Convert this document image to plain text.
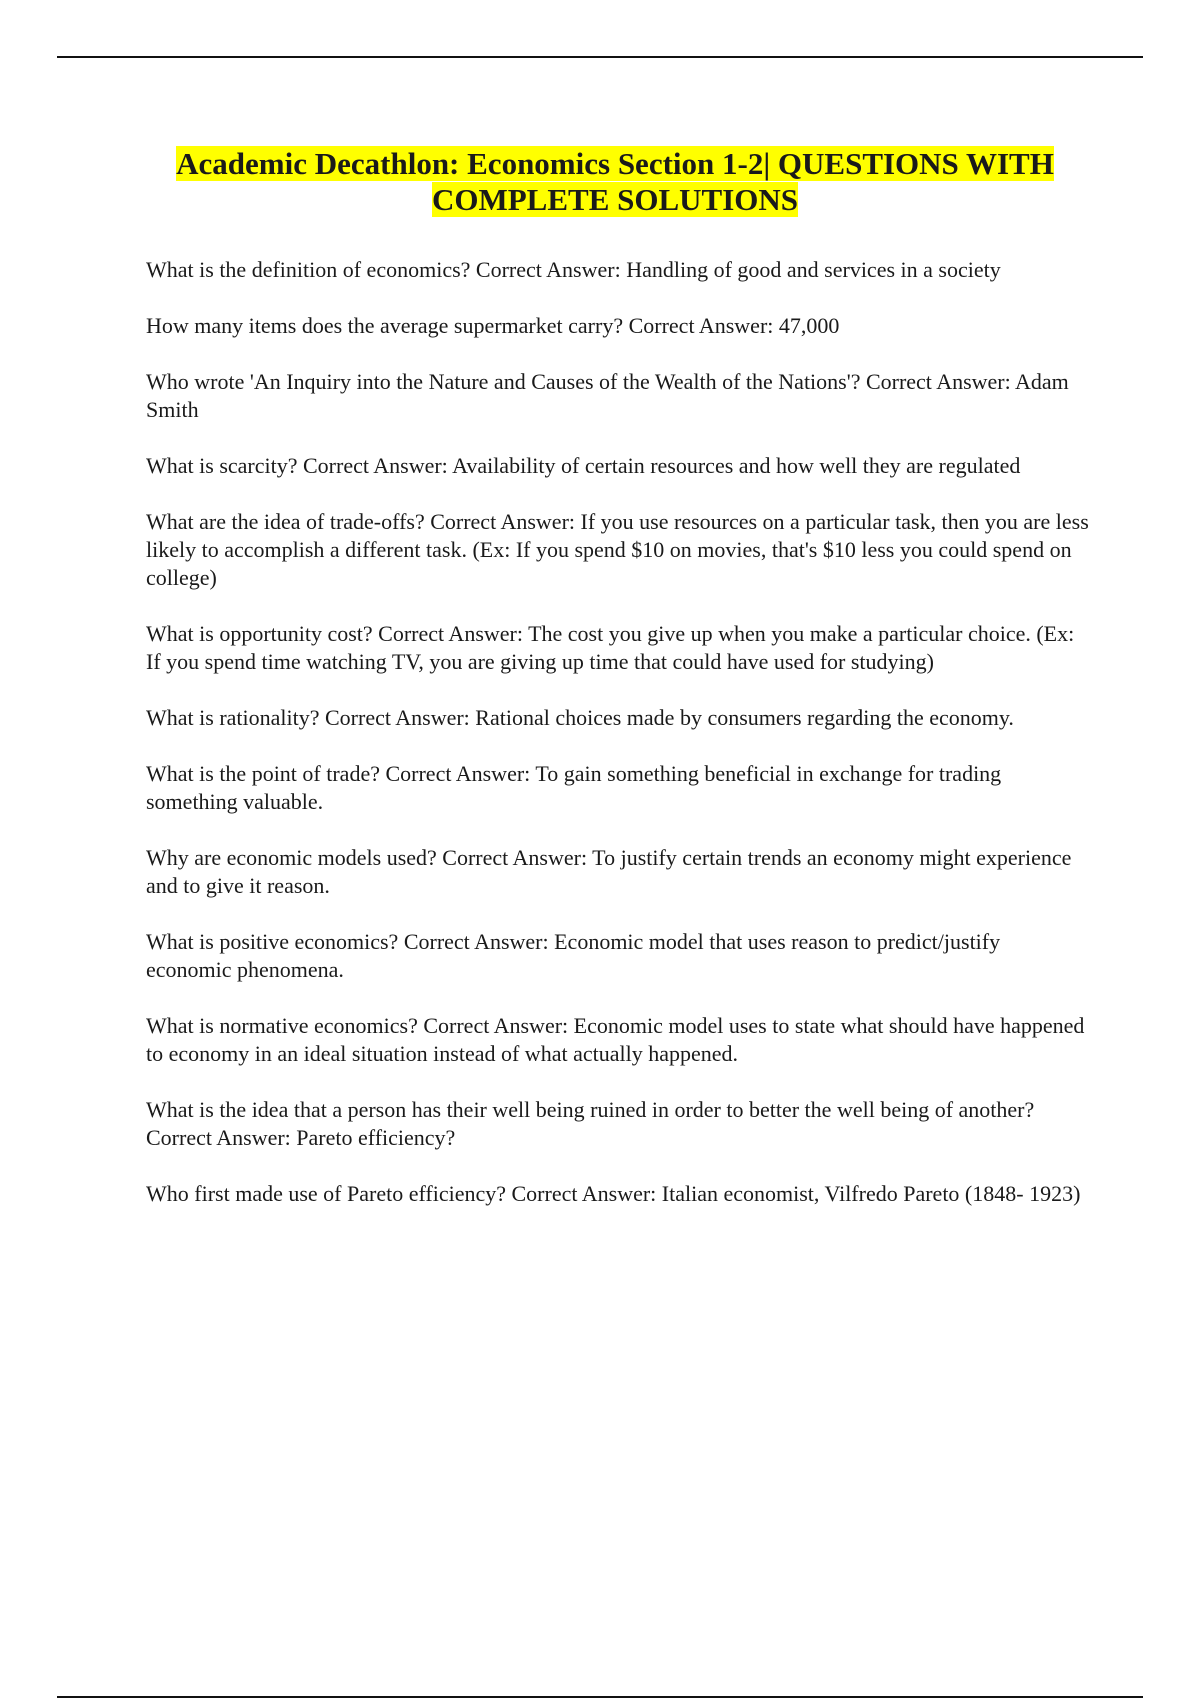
Academic Decathlon: Economics Section 1-2| QUESTIONS WITH COMPLETE SOLUTIONS

What is the definition of economics? Correct Answer: Handling of good and services in a society

How many items does the average supermarket carry? Correct Answer: 47,000

Who wrote 'An Inquiry into the Nature and Causes of the Wealth of the Nations'? Correct Answer: Adam Smith

What is scarcity? Correct Answer: Availability of certain resources and how well they are regulated

What are the idea of trade-offs? Correct Answer: If you use resources on a particular task, then you are less likely to accomplish a different task. (Ex: If you spend $10 on movies, that's $10 less you could spend on college)

What is opportunity cost? Correct Answer: The cost you give up when you make a particular choice. (Ex: If you spend time watching TV, you are giving up time that could have used for studying)

What is rationality? Correct Answer: Rational choices made by consumers regarding the economy.

What is the point of trade? Correct Answer: To gain something beneficial in exchange for trading something valuable.

Why are economic models used? Correct Answer: To justify certain trends an economy might experience and to give it reason.

What is positive economics? Correct Answer: Economic model that uses reason to predict/justify economic phenomena.

What is normative economics? Correct Answer: Economic model uses to state what should have happened to economy in an ideal situation instead of what actually happened.

What is the idea that a person has their well being ruined in order to better the well being of another? Correct Answer: Pareto efficiency?

Who first made use of Pareto efficiency? Correct Answer: Italian economist, Vilfredo Pareto (1848- 1923)
